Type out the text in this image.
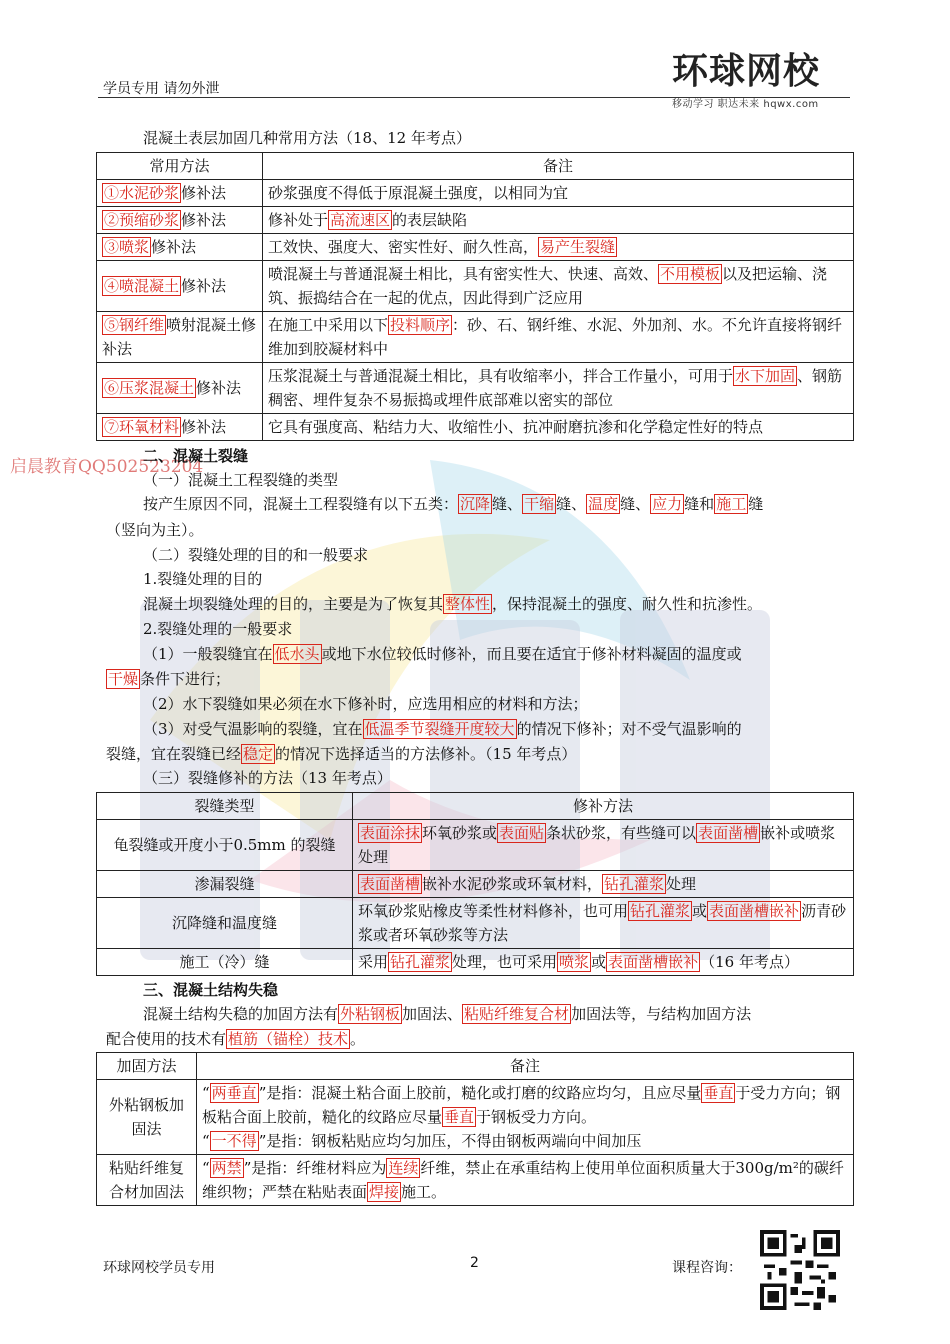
学员专用 请勿外泄	环球网校
移动学习 职达未来 hqwx.com
启晨教育QQ502523204
混凝土表层加固几种常用方法（18、12 年考点）
常用方法	备注
①水泥砂浆 修补法	砂浆强度不得低于原混凝土强度，以相同为宜
②预缩砂浆 修补法	修补处于 高流速区 的表层缺陷
③喷浆 修补法	工效快、强度大、密实性好、耐久性高， 易产生裂缝
④喷混凝土 修补法	喷混凝土与普通混凝土相比，具有密实性大、快速、高效、 不用模板 以及把运输、浇筑、振捣结合在一起的优点，因此得到广泛应用
⑤钢纤维 喷射混凝土修补法	在施工中采用以下 投料顺序 ：砂、石、钢纤维、水泥、外加剂、水。不允许直接将钢纤维加到胶凝材料中
⑥压浆混凝土 修补法	压浆混凝土与普通混凝土相比，具有收缩率小，拌合工作量小，可用于 水下加固 、钢筋稠密、埋件复杂不易振捣或埋件底部难以密实的部位
⑦环氧材料 修补法	它具有强度高、粘结力大、收缩性小、抗冲耐磨抗渗和化学稳定性好的特点
二、混凝土裂缝
（一）混凝土工程裂缝的类型
按产生原因不同，混凝土工程裂缝有以下五类： 沉降 缝、 干缩 缝、 温度 缝、 应力 缝和 施工 缝
（竖向为主）。
（二）裂缝处理的目的和一般要求
1.裂缝处理的目的
混凝土坝裂缝处理的目的，主要是为了恢复其 整体性 ，保持混凝土的强度、耐久性和抗渗性。
2.裂缝处理的一般要求
（1）一般裂缝宜在 低水头 或地下水位较低时修补，而且要在适宜于修补材料凝固的温度或
干燥 条件下进行；
（2）水下裂缝如果必须在水下修补时，应选用相应的材料和方法；
（3）对受气温影响的裂缝，宜在 低温季节裂缝开度较大 的情况下修补；对不受气温影响的
裂缝，宜在裂缝已经 稳定 的情况下选择适当的方法修补。（15 年考点）
（三）裂缝修补的方法（13 年考点）
裂缝类型	修补方法
龟裂缝或开度小于0.5mm 的裂缝	表面涂抹 环氧砂浆或 表面贴 条状砂浆，有些缝可以 表面凿槽 嵌补或喷浆处理
渗漏裂缝	表面凿槽 嵌补水泥砂浆或环氧材料， 钻孔灌浆 处理
沉降缝和温度缝	环氧砂浆贴橡皮等柔性材料修补，也可用 钻孔灌浆 或 表面凿槽嵌补 沥青砂浆或者环氧砂浆等方法
施工（冷）缝	采用 钻孔灌浆 处理，也可采用 喷浆 或 表面凿槽嵌补 （16 年考点）
三、混凝土结构失稳
混凝土结构失稳的加固方法有 外粘钢板 加固法、 粘贴纤维复合材 加固法等，与结构加固方法
配合使用的技术有 植筋（锚栓）技术 。
加固方法	备注
外粘钢板加固法	“ 两垂直 ”是指：混凝土粘合面上胶前，糙化或打磨的纹路应均匀，且应尽量 垂直 于受力方向；钢板粘合面上胶前，糙化的纹路应尽量 垂直 于钢板受力方向。
“ 一不得 ”是指：钢板粘贴应均匀加压，不得由钢板两端向中间加压
粘贴纤维复合材加固法	“ 两禁 ”是指：纤维材料应为 连续 纤维，禁止在承重结构上使用单位面积质量大于300g/m²的碳纤维织物；严禁在粘贴表面 焊接 施工。
环球网校学员专用	2	课程咨询：
